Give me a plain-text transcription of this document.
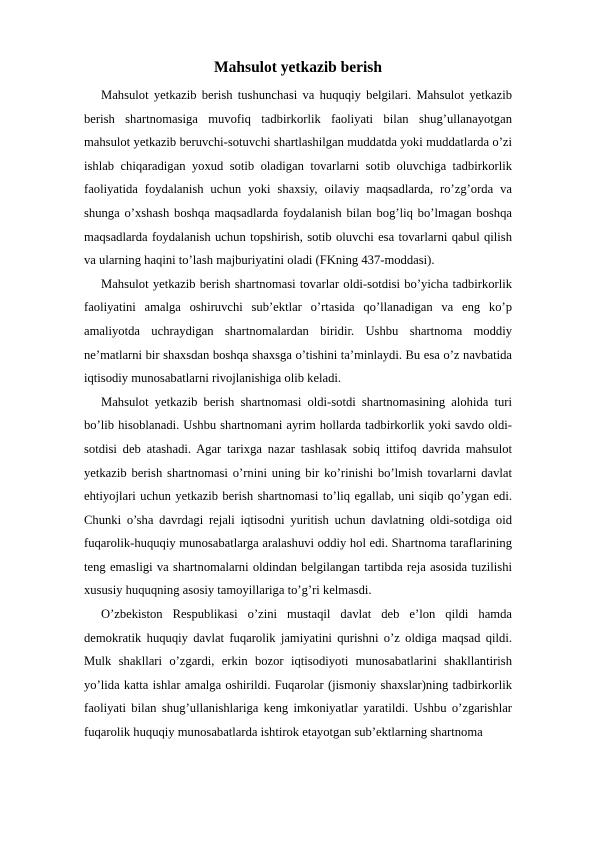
Mahsulot yetkazib berish

Mahsulot yetkazib berish tushunchasi va huquqiy belgilari. Mahsulot yetkazib berish shartnomasiga muvofiq tadbirkorlik faoliyati bilan shug’ullanayotgan mahsulot yetkazib beruvchi-sotuvchi shartlashilgan muddatda yoki muddatlarda o’zi ishlab chiqaradigan yoxud sotib oladigan tovarlarni sotib oluvchiga tadbirkorlik faoliyatida foydalanish uchun yoki shaxsiy, oilaviy maqsadlarda, ro’zg’orda va shunga o’xshash boshqa maqsadlarda foydalanish bilan bog’liq bo’lmagan boshqa maqsadlarda foydalanish uchun topshirish, sotib oluvchi esa tovarlarni qabul qilish va ularning haqini to’lash majburiyatini oladi (FKning 437-moddasi).

Mahsulot yetkazib berish shartnomasi tovarlar oldi-sotdisi bo’yicha tadbirkorlik faoliyatini amalga oshiruvchi sub’ektlar o’rtasida qo’llanadigan va eng ko’p amaliyotda uchraydigan shartnomalardan biridir. Ushbu shartnoma moddiy ne’matlarni bir shaxsdan boshqa shaxsga o’tishini ta’minlaydi. Bu esa o’z navbatida iqtisodiy munosabatlarni rivojlanishiga olib keladi.

Mahsulot yetkazib berish shartnomasi oldi-sotdi shartnomasining alohida turi bo’lib hisoblanadi. Ushbu shartnomani ayrim hollarda tadbirkorlik yoki savdo oldi-sotdisi deb atashadi. Agar tarixga nazar tashlasak sobiq ittifoq davrida mahsulot yetkazib berish shartnomasi o’rnini uning bir ko’rinishi bo’lmish tovarlarni davlat ehtiyojlari uchun yetkazib berish shartnomasi to’liq egallab, uni siqib qo’ygan edi. Chunki o’sha davrdagi rejali iqtisodni yuritish uchun davlatning oldi-sotdiga oid fuqarolik-huquqiy munosabatlarga aralashuvi oddiy hol edi. Shartnoma taraflarining teng emasligi va shartnomalarni oldindan belgilangan tartibda reja asosida tuzilishi xususiy huquqning asosiy tamoyillariga to’g’ri kelmasdi.

O’zbekiston Respublikasi o’zini mustaqil davlat deb e’lon qildi hamda demokratik huquqiy davlat fuqarolik jamiyatini qurishni o’z oldiga maqsad qildi. Mulk shakllari o’zgardi, erkin bozor iqtisodiyoti munosabatlarini shakllantirish yo’lida katta ishlar amalga oshirildi. Fuqarolar (jismoniy shaxslar)ning tadbirkorlik faoliyati bilan shug’ullanishlariga keng imkoniyatlar yaratildi. Ushbu o’zgarishlar fuqarolik huquqiy munosabatlarda ishtirok etayotgan sub’ektlarning shartnoma
